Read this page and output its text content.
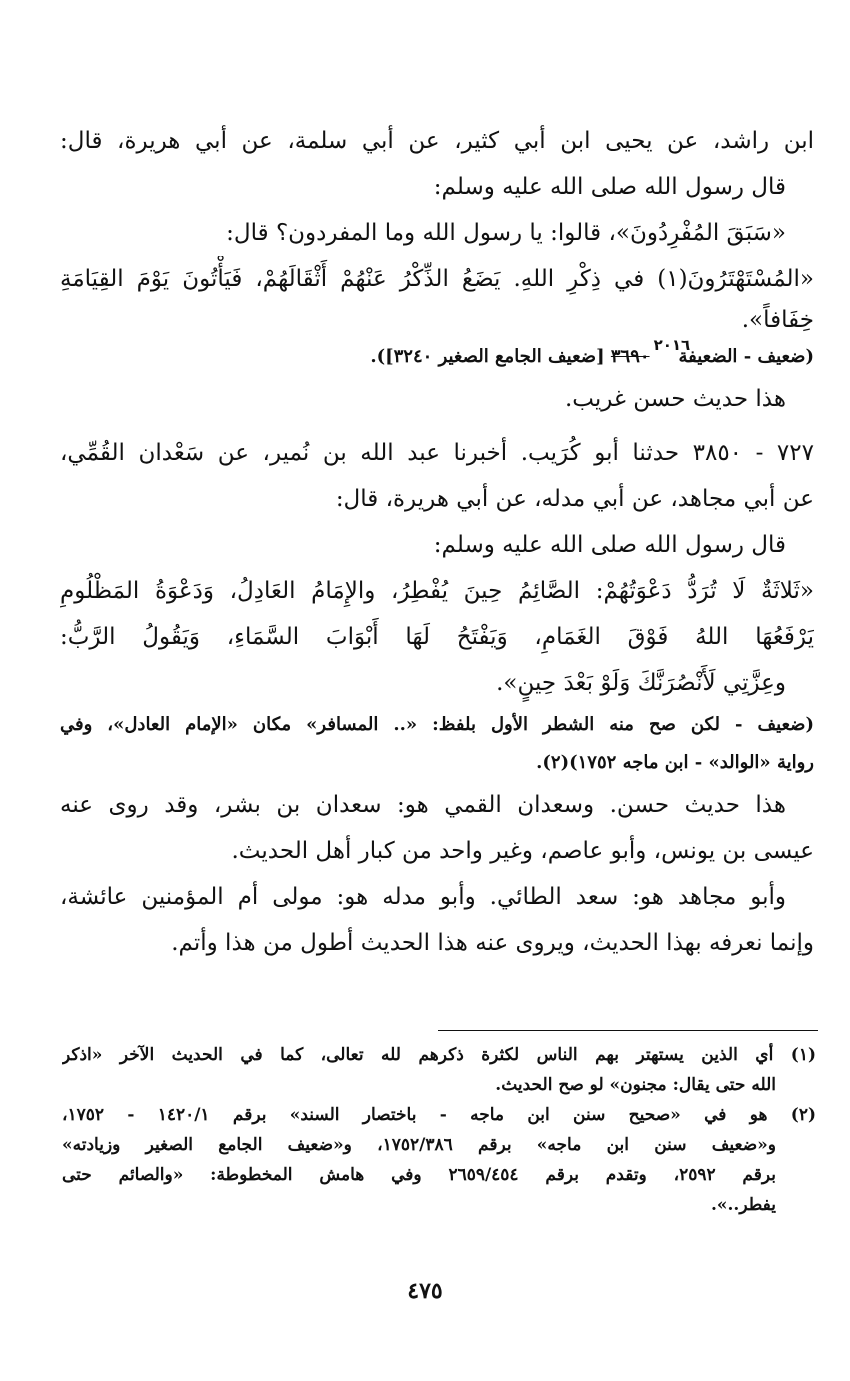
ابن راشد، عن يحيى ابن أبي كثير، عن أبي سلمة، عن أبي هريرة، قال:
قال رسول الله صلى الله عليه وسلم:
«سَبَقَ المُفْرِدُونَ»، قالوا: يا رسول الله وما المفردون؟ قال:
«المُسْتَهْتَرُونَ(١) في ذِكْرِ اللهِ. يَضَعُ الذِّكْرُ عَنْهُمْ أَثْقَالَهُمْ، فَيَأْتُونَ يَوْمَ القِيَامَةِ
خِفَافاً».
(ضعيف - الضعيفة $٣٦٩٠^{٢٠١٦}$ [ضعيف الجامع الصغير ٣٢٤٠]).
هذا حديث حسن غريب.
٧٢٧ - ٣٨٥٠ حدثنا أبو كُرَيب. أخبرنا عبد الله بن نُمير، عن سَعْدان القُمِّي،
عن أبي مجاهد، عن أبي مدله، عن أبي هريرة، قال:
قال رسول الله صلى الله عليه وسلم:
«ثَلاثَةٌ لَا تُرَدُّ دَعْوَتُهُمْ: الصَّائِمُ حِينَ يُفْطِرُ، والإِمَامُ العَادِلُ، وَدَعْوَةُ المَظْلُومِ
يَرْفَعُهَا اللهُ فَوْقَ الغَمَامِ، وَيَفْتَحُ لَهَا أَبْوَابَ السَّمَاءِ، وَيَقُولُ الرَّبُّ:
وعِزَّتِي لَأَنْصُرَنَّكَ وَلَوْ بَعْدَ حِينٍ».
(ضعيف - لكن صح منه الشطر الأول بلفظ: «.. المسافر» مكان «الإمام العادل»، وفي
رواية «الوالد» - ابن ماجه ١٧٥٢)(٢).
هذا حديث حسن. وسعدان القمي هو: سعدان بن بشر، وقد روى عنه
عيسى بن يونس، وأبو عاصم، وغير واحد من كبار أهل الحديث.
وأبو مجاهد هو: سعد الطائي. وأبو مدله هو: مولى أم المؤمنين عائشة،
وإنما نعرفه بهذا الحديث، ويروى عنه هذا الحديث أطول من هذا وأتم.
(١) أي الذين يستهتر بهم الناس لكثرة ذكرهم لله تعالى، كما في الحديث الآخر «اذكر
الله حتى يقال: مجنون» لو صح الحديث.
(٢) هو في «صحيح سنن ابن ماجه - باختصار السند» برقم ١٤٢٠/١ - ١٧٥٢،
و«ضعيف سنن ابن ماجه» برقم ١٧٥٢/٣٨٦، و«ضعيف الجامع الصغير وزيادته»
برقم ٢٥٩٢، وتقدم برقم ٢٦٥٩/٤٥٤ وفي هامش المخطوطة: «والصائم حتى
يفطر..».
٤٧٥
